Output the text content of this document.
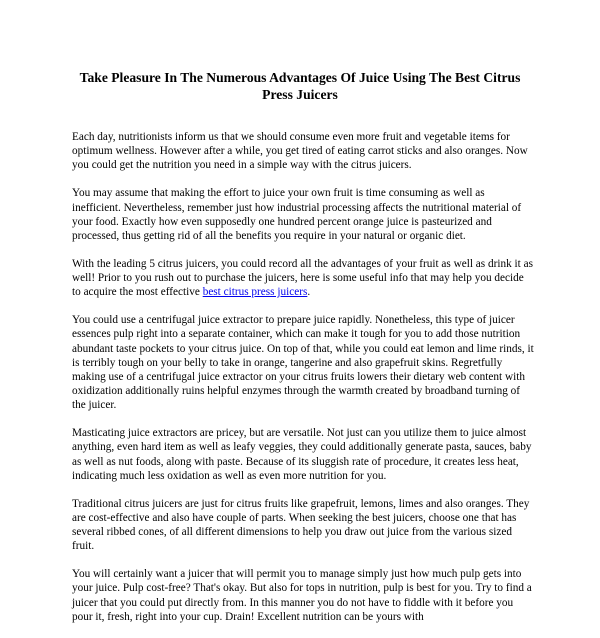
Take Pleasure In The Numerous Advantages Of Juice Using The Best Citrus Press Juicers

Each day, nutritionists inform us that we should consume even more fruit and vegetable items for optimum wellness. However after a while, you get tired of eating carrot sticks and also oranges. Now you could get the nutrition you need in a simple way with the citrus juicers.

You may assume that making the effort to juice your own fruit is time consuming as well as inefficient. Nevertheless, remember just how industrial processing affects the nutritional material of your food. Exactly how even supposedly one hundred percent orange juice is pasteurized and processed, thus getting rid of all the benefits you require in your natural or organic diet.

With the leading 5 citrus juicers, you could record all the advantages of your fruit as well as drink it as well! Prior to you rush out to purchase the juicers, here is some useful info that may help you decide to acquire the most effective best citrus press juicers.

You could use a centrifugal juice extractor to prepare juice rapidly. Nonetheless, this type of juicer essences pulp right into a separate container, which can make it tough for you to add those nutrition abundant taste pockets to your citrus juice. On top of that, while you could eat lemon and lime rinds, it is terribly tough on your belly to take in orange, tangerine and also grapefruit skins. Regretfully making use of a centrifugal juice extractor on your citrus fruits lowers their dietary web content with oxidization additionally ruins helpful enzymes through the warmth created by broadband turning of the juicer.

Masticating juice extractors are pricey, but are versatile. Not just can you utilize them to juice almost anything, even hard item as well as leafy veggies, they could additionally generate pasta, sauces, baby as well as nut foods, along with paste. Because of its sluggish rate of procedure, it creates less heat, indicating much less oxidation as well as even more nutrition for you.

Traditional citrus juicers are just for citrus fruits like grapefruit, lemons, limes and also oranges. They are cost-effective and also have couple of parts. When seeking the best juicers, choose one that has several ribbed cones, of all different dimensions to help you draw out juice from the various sized fruit.

You will certainly want a juicer that will permit you to manage simply just how much pulp gets into your juice. Pulp cost-free? That's okay. But also for tops in nutrition, pulp is best for you. Try to find a juicer that you could put directly from. In this manner you do not have to fiddle with it before you pour it, fresh, right into your cup. Drain! Excellent nutrition can be yours with
